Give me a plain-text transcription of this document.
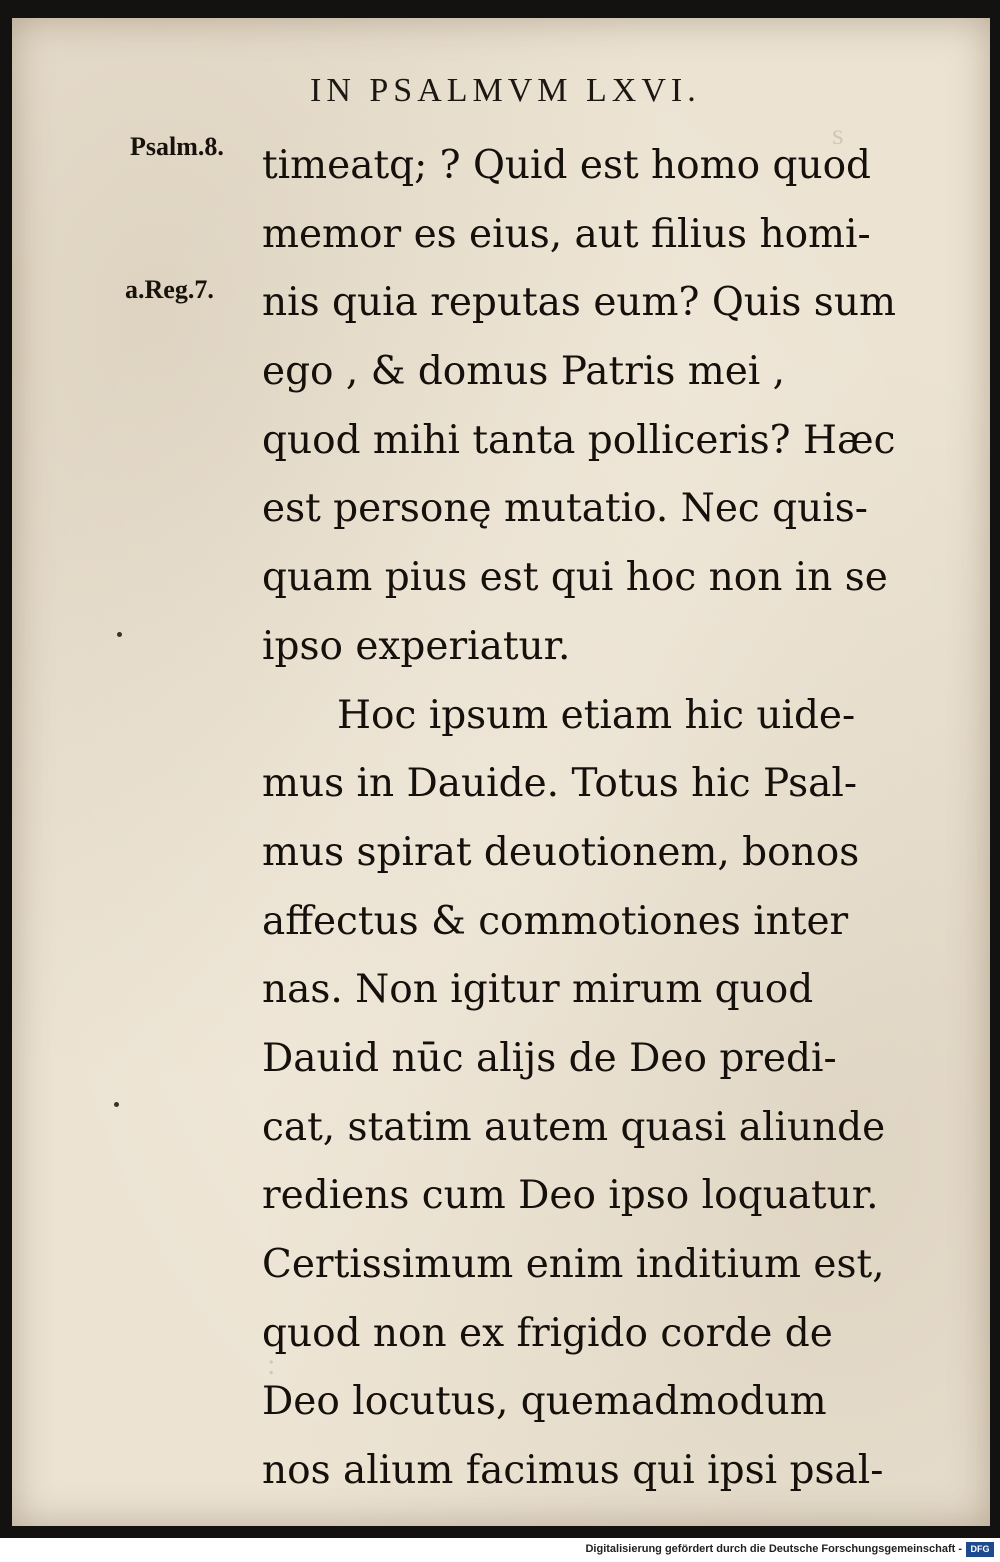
s
:
IN PSALMVM LXVI.
Psalm.8.
a.Reg.7.
timeatq; ? Quid est homo quod
memor es eius, aut filius homi-
nis quia reputas eum? Quis sum
ego , & domus Patris mei ,
quod mihi tanta polliceris? Hæc
est personę mutatio. Nec quis-
quam pius est qui hoc non in se
ipso experiatur.
Hoc ipsum etiam hic uide-
mus in Dauide. Totus hic Psal-
mus spirat deuotionem, bonos
affectus & commotiones inter
nas. Non igitur mirum quod
Dauid nūc alijs de Deo predi-
cat, statim autem quasi aliunde
rediens cum Deo ipso loquatur.
Certissimum enim inditium est,
quod non ex frigido corde de
Deo locutus, quemadmodum
nos alium facimus qui ipsi psal-
Digitalisierung gefördert durch die Deutsche Forschungsgemeinschaft - DFG
